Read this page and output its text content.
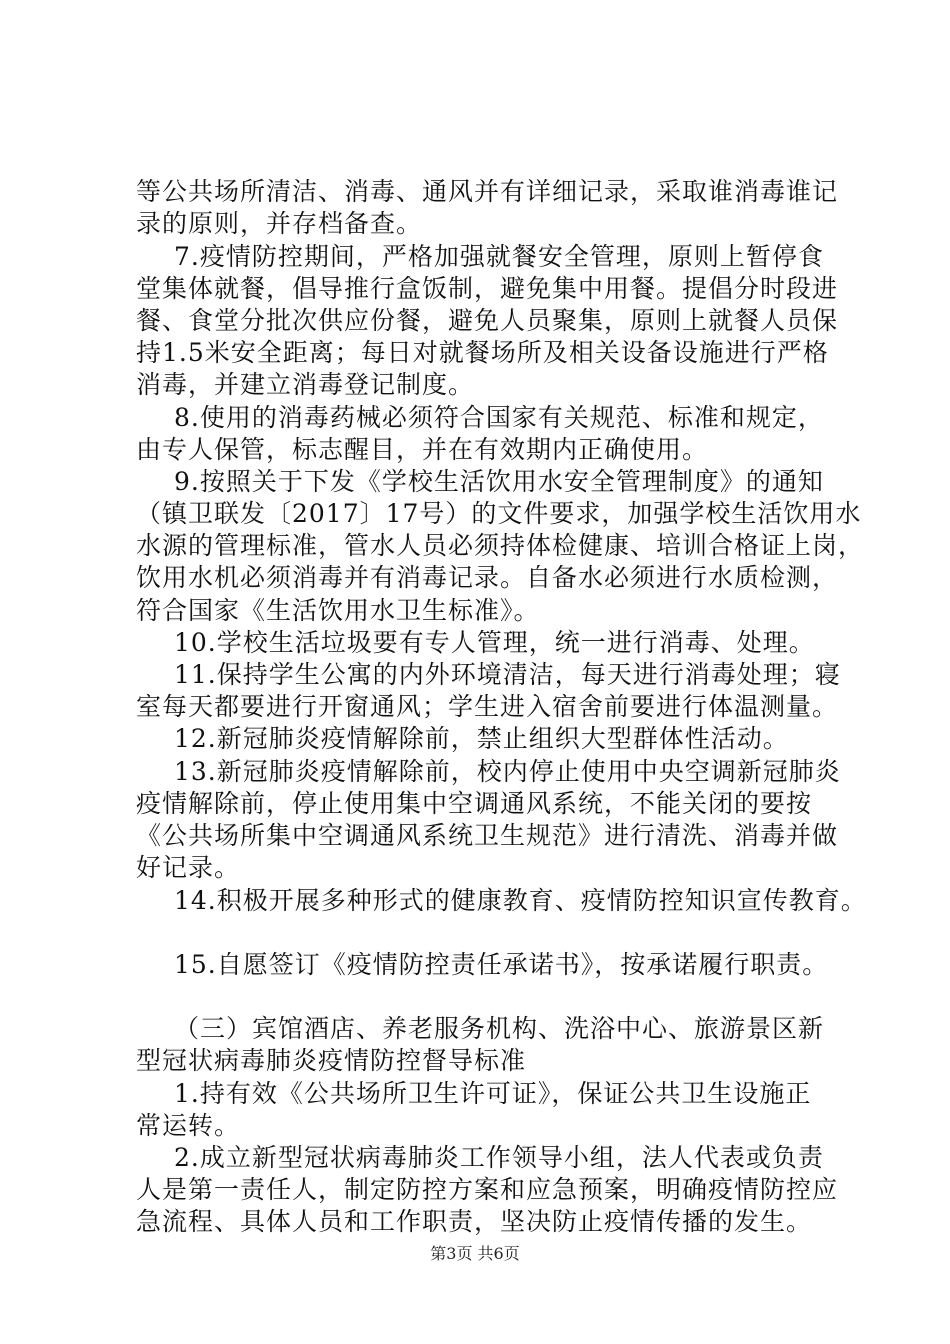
等公共场所清洁、消毒、通风并有详细记录，采取谁消毒谁记
录的原则，并存档备查。
7.疫情防控期间，严格加强就餐安全管理，原则上暂停食
堂集体就餐，倡导推行盒饭制，避免集中用餐。提倡分时段进
餐、食堂分批次供应份餐，避免人员聚集，原则上就餐人员保
持1.5米安全距离；每日对就餐场所及相关设备设施进行严格
消毒，并建立消毒登记制度。
8.使用的消毒药械必须符合国家有关规范、标准和规定，
由专人保管，标志醒目，并在有效期内正确使用。
9.按照关于下发《学校生活饮用水安全管理制度》的通知
（镇卫联发〔2017〕17号）的文件要求，加强学校生活饮用水
水源的管理标准，管水人员必须持体检健康、培训合格证上岗，
饮用水机必须消毒并有消毒记录。自备水必须进行水质检测，
符合国家《生活饮用水卫生标准》。
10.学校生活垃圾要有专人管理，统一进行消毒、处理。
11.保持学生公寓的内外环境清洁，每天进行消毒处理；寝
室每天都要进行开窗通风；学生进入宿舍前要进行体温测量。
12.新冠肺炎疫情解除前，禁止组织大型群体性活动。
13.新冠肺炎疫情解除前，校内停止使用中央空调新冠肺炎
疫情解除前，停止使用集中空调通风系统，不能关闭的要按
《公共场所集中空调通风系统卫生规范》进行清洗、消毒并做
好记录。
14.积极开展多种形式的健康教育、疫情防控知识宣传教育。
15.自愿签订《疫情防控责任承诺书》，按承诺履行职责。
（三）宾馆酒店、养老服务机构、洗浴中心、旅游景区新
型冠状病毒肺炎疫情防控督导标准
1.持有效《公共场所卫生许可证》，保证公共卫生设施正
常运转。
2.成立新型冠状病毒肺炎工作领导小组，法人代表或负责
人是第一责任人，制定防控方案和应急预案，明确疫情防控应
急流程、具体人员和工作职责，坚决防止疫情传播的发生。
第3页 共6页
